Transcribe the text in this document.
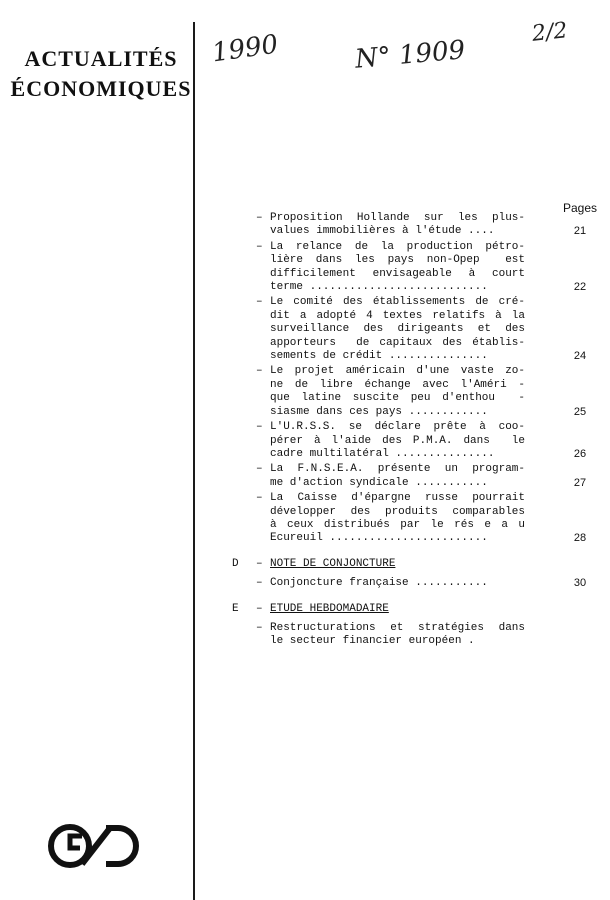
ACTUALITÉS
ÉCONOMIQUES
1990	N° 1909
2/2
Pages
– Proposition Hollande sur les plus-
values immobilières à l'étude ....	21
– La relance de la production pétro-
lière dans les pays non-Opep  est
difficilement envisageable à court
terme ...........................	22
– Le comité des établissements de cré-
dit a adopté 4 textes relatifs à la
surveillance des dirigeants et des
apporteurs  de capitaux des établis-
sements de crédit ...............	24
– Le projet américain d'une vaste zo-
ne de libre échange avec l'Améri -
que latine suscite peu d'enthou  -
siasme dans ces pays ............	25
– L'U.R.S.S. se déclare prête à coo-
pérer à l'aide des P.M.A. dans  le
cadre multilatéral ...............	26
– La F.N.S.E.A. présente un program-
me d'action syndicale ...........	27
– La Caisse d'épargne russe pourrait
développer des produits comparables
à ceux distribués par le rés e a u
Ecureuil ........................	28
D – NOTE DE CONJONCTURE
– Conjoncture française ...........	30
E – ETUDE HEBDOMADAIRE
– Restructurations et stratégies dans
le secteur financier européen .
